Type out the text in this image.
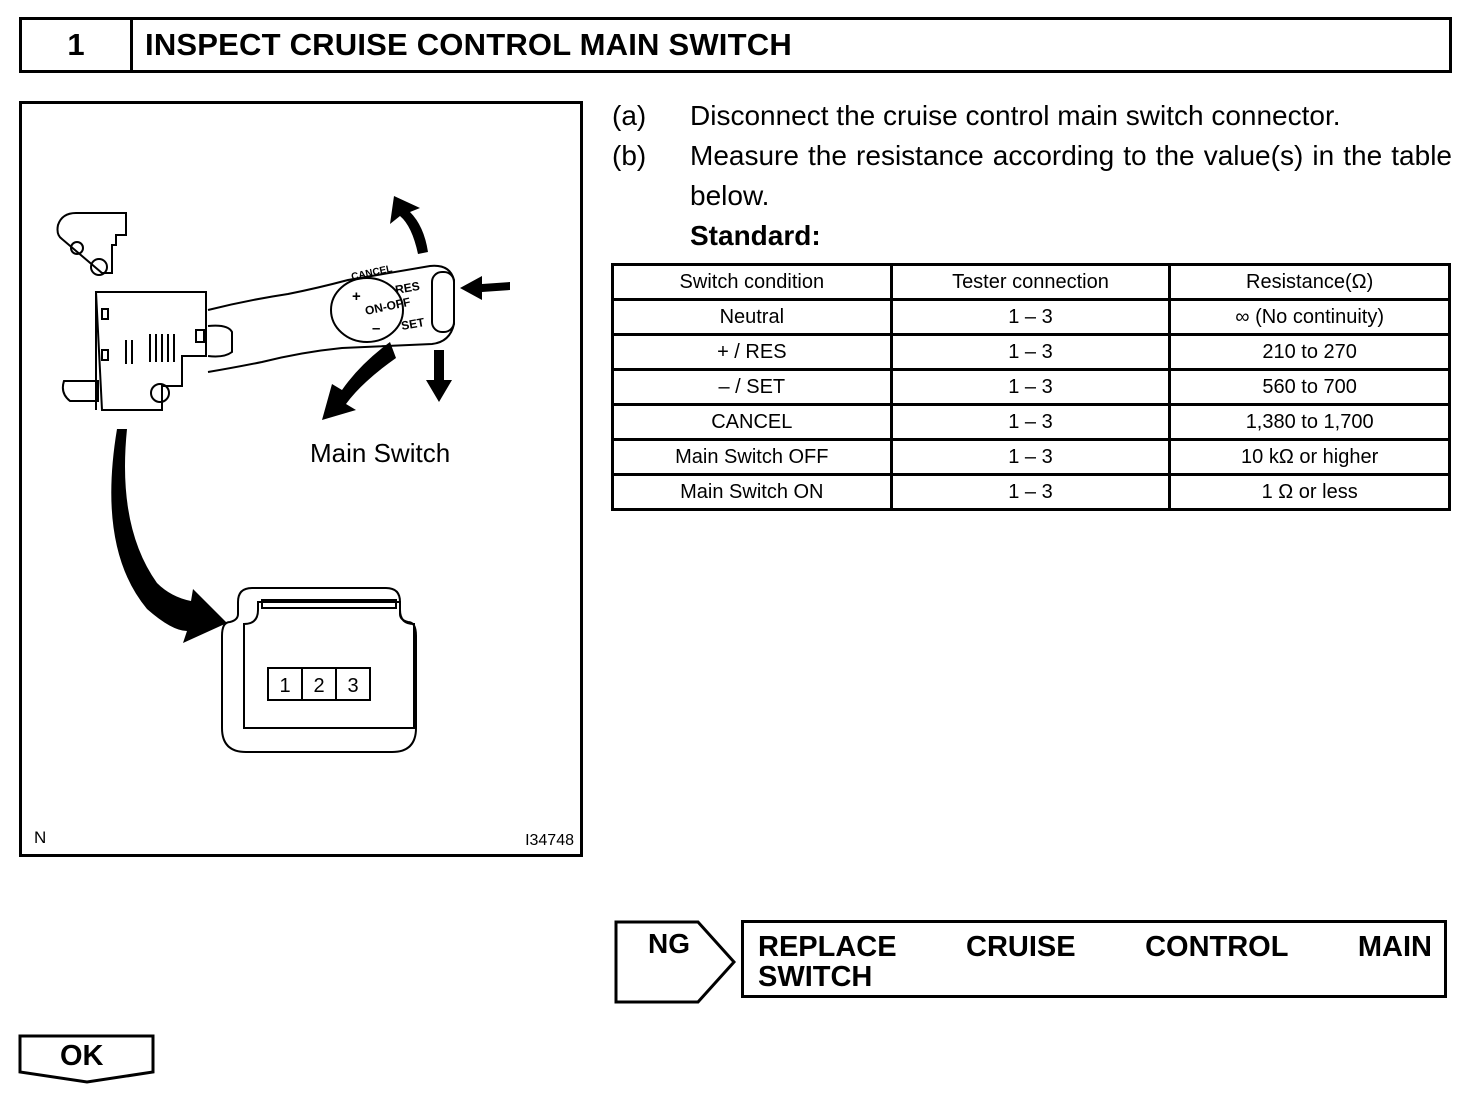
1	INSPECT CRUISE CONTROL MAIN SWITCH
CANCEL
+	RES
ON-OFF
– SET
1 2 3
Main Switch
N	I34748
(a)	Disconnect the cruise control main switch connector.
(b)	Measure the resistance according to the value(s) in the table below.
Standard:
Switch condition	Tester connection	Resistance(Ω)
Neutral	1 – 3	∞ (No continuity)
+ / RES	1 – 3	210 to 270
– / SET	1 – 3	560 to 700
CANCEL	1 – 3	1,380 to 1,700
Main Switch OFF	1 – 3	10 kΩ or higher
Main Switch ON	1 – 3	1 Ω or less
NG REPLACE CRUISE CONTROL MAIN
SWITCH
OK
